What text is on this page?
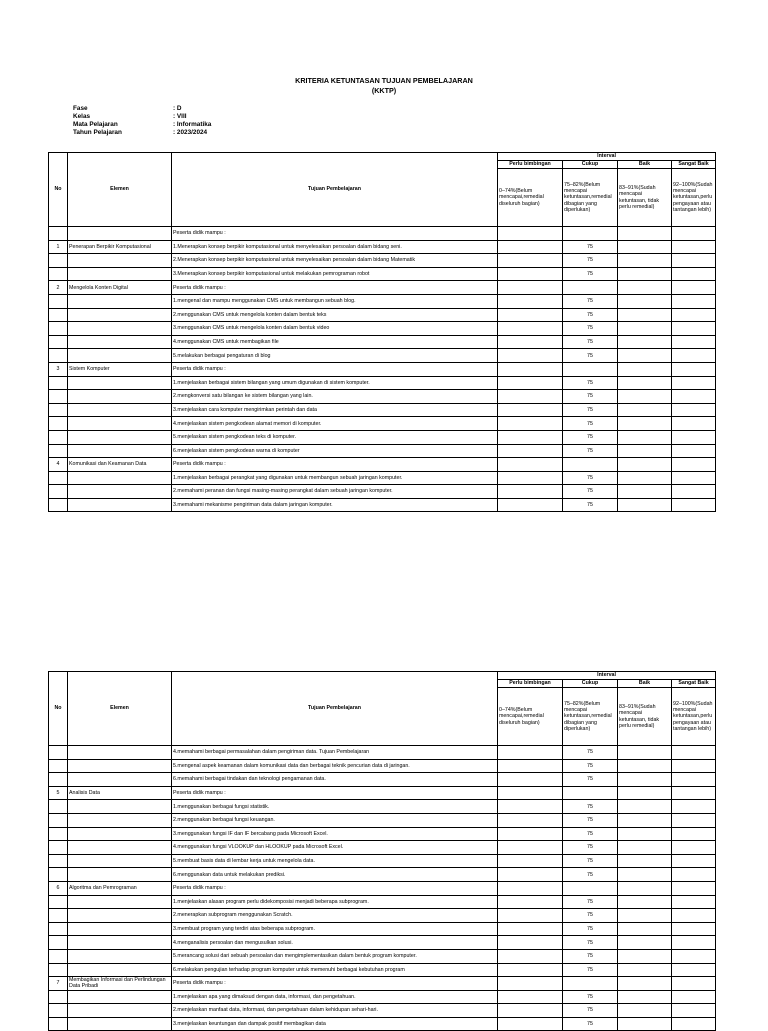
KRITERIA KETUNTASAN TUJUAN PEMBELAJARAN
(KKTP)
Fase	: D
Kelas	: VIII
Mata Pelajaran	: Informatika
Tahun Pelajaran	: 2023/2024
No	Elemen	Tujuan Pembelajaran	Interval			
			Perlu bimbingan	Cukup	Baik	Sangat Baik
			0–74%(Belum mencapai,remedial diseluruh bagian)	75–82%(Belum mencapai ketuntasan,remedial dibagian yang diperlukan)	83–91%(Sudah mencapai ketuntasan, tidak perlu remedial)	92–100%(Sudah mencapai ketuntasan,perlu pengayaan atau tantangan lebih)
		Peserta didik mampu :				
1	Penerapan Berpikir Komputasional	1.Menerapkan konsep berpikir komputasional untuk menyelesaikan persoalan dalam bidang seni.		75		
		2.Menerapkan konsep berpikir komputasional untuk menyelesaikan persoalan dalam bidang Matematik		75		
		3.Menerapkan konsep berpikir komputasional untuk melakukan pemrograman robot		75		
2	Mengelola Konten Digital	Peserta didik mampu :				
		1.mengenal dan mampu menggunakan CMS untuk membangun sebuah blog.		75		
		2.menggunakan CMS untuk mengelola konten dalam bentuk teks		75		
		3.menggunakan CMS untuk mengelola konten dalam bentuk video		75		
		4.menggunakan CMS untuk membagikan file		75		
		5.melakukan berbagai pengaturan di blog		75		
3	Sistem Komputer	Peserta didik mampu :				
		1.menjelaskan berbagai sistem bilangan yang umum digunakan di sistem komputer.		75		
		2.mengkonversi satu bilangan ke sistem bilangan yang lain.		75		
		3.menjelaskan cara komputer mengirimkan perintah dan data		75		
		4.menjelaskan sistem pengkodean alamat memori di komputer.		75		
		5.menjelaskan sistem pengkodean teks di komputer.		75		
		6.menjelaskan sistem pengkodean warna di komputer		75		
4	Komunikasi dan Keamanan Data	Peserta didik mampu :				
		1.menjelaskan berbagai perangkat yang digunakan untuk membangun sebuah jaringan komputer.		75		
		2.memahami peranan dan fungsi masing-masing perangkat dalam sebuah jaringan komputer.		75		
		3.memahami mekanisme pengiriman data dalam jaringan komputer.		75		
No	Elemen	Tujuan Pembelajaran	Interval			
			Perlu bimbingan	Cukup	Baik	Sangat Baik
			0–74%(Belum mencapai,remedial diseluruh bagian)	75–82%(Belum mencapai ketuntasan,remedial dibagian yang diperlukan)	83–91%(Sudah mencapai ketuntasan, tidak perlu remedial)	92–100%(Sudah mencapai ketuntasan,perlu pengayaan atau tantangan lebih)
		4.memahami berbagai permasalahan dalam pengiriman data. Tujuan Pembelajaran		75		
		5.mengenal aspek keamanan dalam komunikasi data dan berbagai teknik pencurian data di jaringan.		75		
		6.memahami berbagai tindakan dan teknologi pengamanan data.		75		
5	Analisis Data	Peserta didik mampu :				
		1.menggunakan berbagai fungsi statistik.		75		
		2.menggunakan berbagai fungsi keuangan.		75		
		3.menggunakan fungsi IF dan IF bercabang pada Microsoft Excel.		75		
		4.menggunakan fungsi VLOOKUP dan HLOOKUP pada Microsoft Excel.		75		
		5.membuat basis data di lembar kerja untuk mengelola data.		75		
		6.menggunakan data untuk melakukan prediksi.		75		
6	Algoritma dan Pemrograman	Peserta didik mampu :				
		1.menjelaskan alasan program perlu didekomposisi menjadi beberapa subprogram.		75		
		2.menerapkan subprogram menggunakan Scratch.		75		
		3.membuat program yang terdiri atas beberapa subprogram.		75		
		4.menganalisis persoalan dan mengusulkan solusi.		75		
		5.merancang solusi dari sebuah persoalan dan mengimplementasikan dalam bentuk program komputer.		75		
		6.melakukan pengujian terhadap program komputer untuk memenuhi berbagai kebutuhan program		75		
7	Membagikan Informasi dan Perlindungan Data Pribadi	Peserta didik mampu :				
		1.menjelaskan apa yang dimaksud dengan data, informasi, dan pengetahuan.		75		
		2.menjelaskan manfaat data, informasi, dan pengetahuan dalam kehidupan sehari-hari.		75		
		3.menjelaskan keuntungan dan dampak positif membagikan data		75		
